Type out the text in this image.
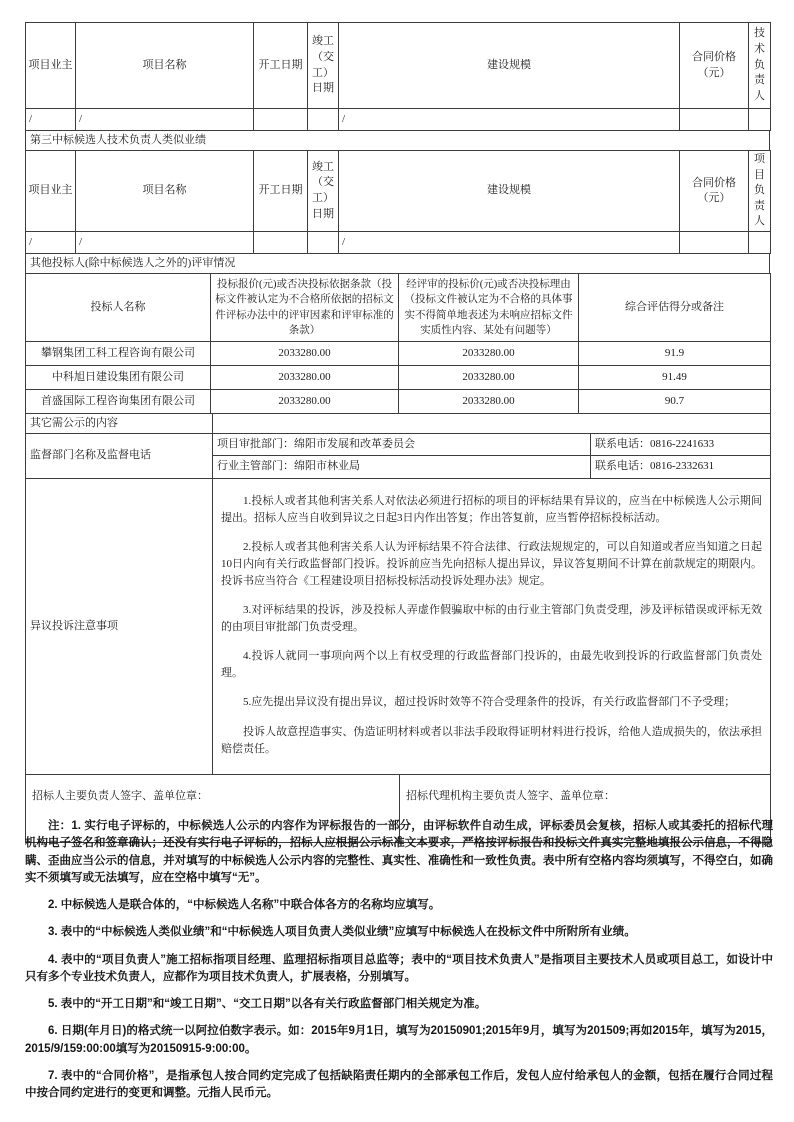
项目业主	项目名称	开工日期	竣工（交工）日期	建设规模	合同价格（元）	技术负责人
/	/			/		
第三中标候选人技术负责人类似业绩
项目业主	项目名称	开工日期	竣工（交工）日期	建设规模	合同价格（元）	项目负责人
/	/			/		
其他投标人(除中标候选人之外的)评审情况
投标人名称	投标报价(元)或否决投标依据条款（投标文件被认定为不合格所依据的招标文件评标办法中的评审因素和评审标准的条款）	经评审的投标价(元)或否决投标理由（投标文件被认定为不合格的具体事实不得简单地表述为未响应招标文件实质性内容、某处有问题等）	综合评估得分或备注
攀钢集团工科工程咨询有限公司	2033280.00	2033280.00	91.9
中科旭日建设集团有限公司	2033280.00	2033280.00	91.49
首盛国际工程咨询集团有限公司	2033280.00	2033280.00	90.7
其它需公示的内容	
监督部门名称及监督电话	项目审批部门：绵阳市发展和改革委员会	联系电话：0816-2241633
	行业主管部门：绵阳市林业局	联系电话：0816-2332631
异议投诉注意事项	

1.投标人或者其他利害关系人对依法必须进行招标的项目的评标结果有异议的，应当在中标候选人公示期间提出。招标人应当自收到异议之日起3日内作出答复；作出答复前，应当暂停招标投标活动。

2.投标人或者其他利害关系人认为评标结果不符合法律、行政法规规定的，可以自知道或者应当知道之日起10日内向有关行政监督部门投诉。投诉前应当先向招标人提出异议，异议答复期间不计算在前款规定的期限内。投诉书应当符合《工程建设项目招标投标活动投诉处理办法》规定。

3.对评标结果的投诉，涉及投标人弄虚作假骗取中标的由行业主管部门负责受理，涉及评标错误或评标无效的由项目审批部门负责受理。

4.投诉人就同一事项向两个以上有权受理的行政监督部门投诉的，由最先收到投诉的行政监督部门负责处理。

5.应先提出异议没有提出异议，超过投诉时效等不符合受理条件的投诉，有关行政监督部门不予受理；

投诉人故意捏造事实、伪造证明材料或者以非法手段取得证明材料进行投诉，给他人造成损失的，依法承担赔偿责任。

招标人主要负责人签字、盖单位章：	招标代理机构主要负责人签字、盖单位章：

注：1. 实行电子评标的，中标候选人公示的内容作为评标报告的一部分，由评标软件自动生成，评标委员会复核，招标人或其委托的招标代理机构电子签名和签章确认；还没有实行电子评标的，招标人应根据公示标准文本要求，严格按评标报告和投标文件真实完整地填报公示信息，不得隐瞒、歪曲应当公示的信息，并对填写的中标候选人公示内容的完整性、真实性、准确性和一致性负责。表中所有空格内容均须填写，不得空白，如确实不须填写或无法填写，应在空格中填写“无”。

2. 中标候选人是联合体的，“中标候选人名称”中联合体各方的名称均应填写。

3. 表中的“中标候选人类似业绩”和“中标候选人项目负责人类似业绩”应填写中标候选人在投标文件中所附所有业绩。

4. 表中的“项目负责人”施工招标指项目经理、监理招标指项目总监等；表中的“项目技术负责人”是指项目主要技术人员或项目总工，如设计中只有多个专业技术负责人，应都作为项目技术负责人，扩展表格，分别填写。

5. 表中的“开工日期”和“竣工日期”、“交工日期”以各有关行政监督部门相关规定为准。

6. 日期(年月日)的格式统一以阿拉伯数字表示。如：2015年9月1日，填写为20150901;2015年9月，填写为201509;再如2015年，填写为2015，2015/9/159:00:00填写为20150915-9:00:00。

7. 表中的“合同价格”，是指承包人按合同约定完成了包括缺陷责任期内的全部承包工作后，发包人应付给承包人的金额，包括在履行合同过程中按合同约定进行的变更和调整。元指人民币元。
